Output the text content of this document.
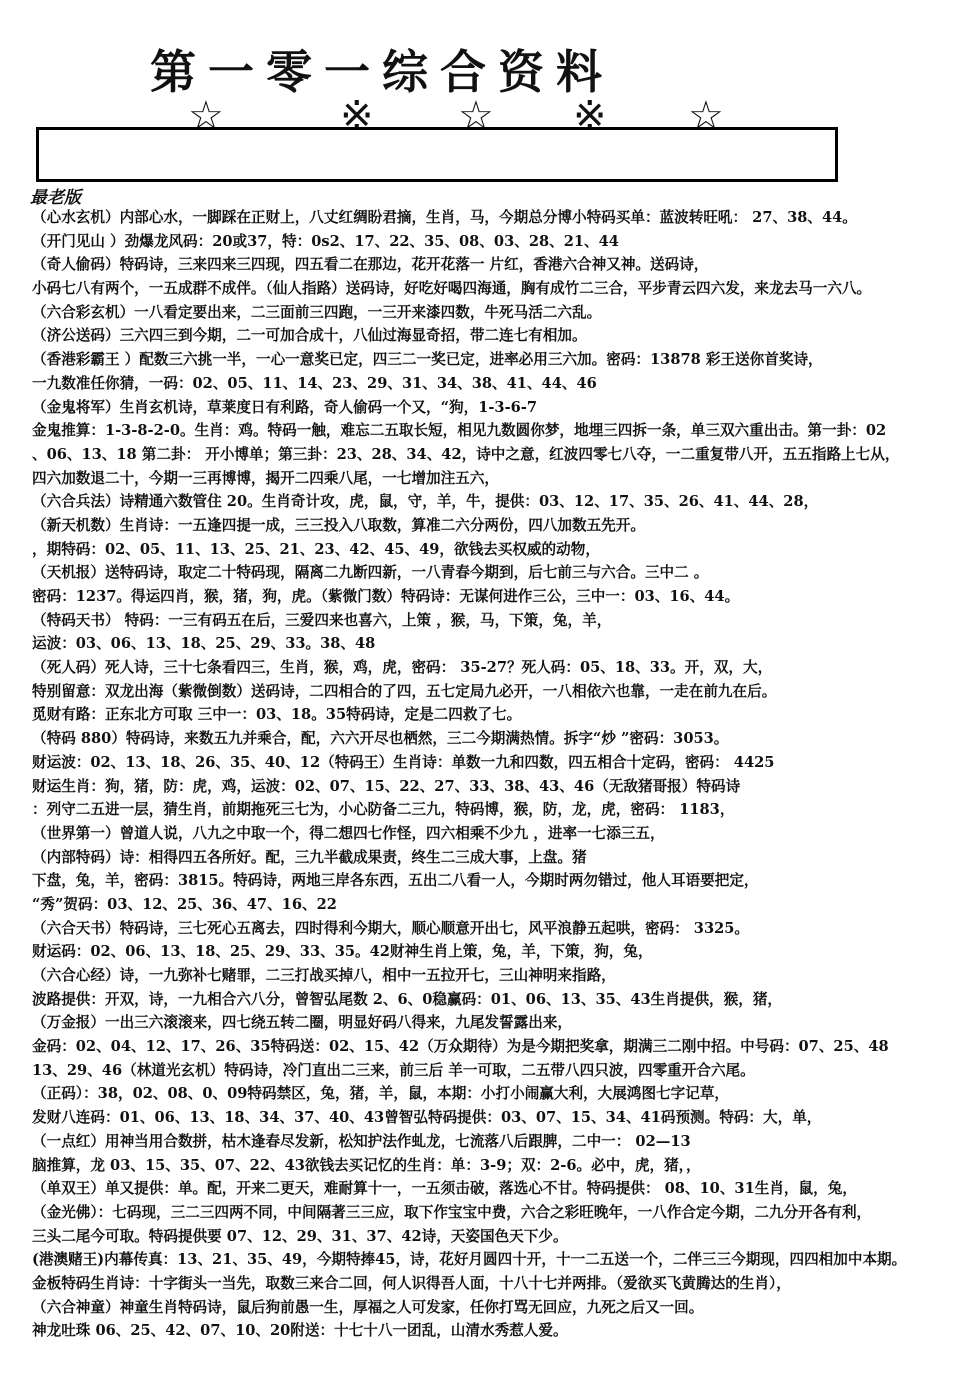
第一零一综合资料
☆	※ ☆ ※ ☆
最老版
（心水玄机）内部心水，一脚踩在正财上，八丈红绸盼君摘，生肖，马，今期总分博小特码买单：蓝波转旺吼： 27、38、44。
（开门见山 ）劲爆龙风码：20或37，特：0s2、17、22、35、08、03、28、21、44
（奇人偷码）特码诗，三来四来三四现，四五看二在那边，花开花落一 片红，香港六合神又神。送码诗，
小码七八有两个，一五成群不成伴。（仙人指路）送码诗，好吃好喝四海通，胸有成竹二三合，平步青云四六发，来龙去马一六八。
（六合彩玄机）一八看定要出来，二三面前三四跑，一三开来漆四数，牛死马活二六乱。
（济公送码）三六四三到今期，二一可加合成十，八仙过海显奇招，带二连七有相加。
（香港彩霸王 ）配数三六挑一半，一心一意奖已定，四三二一奖已定，进率必用三六加。密码：13878 彩王送你首奖诗，
一九数准任你猜，一码：02、05、11、14、23、29、31、34、38、41、44、46
（金鬼将军）生肖玄机诗，草莱度日有利路，奇人偷码一个又，“狗，1-3-6-7
金鬼推算：1-3-8-2-0。生肖：鸡。特码一触，难忘二五取长短，相见九数圆你梦，地埋三四拆一条，单三双六重出击。第一卦：02
、06、13、18 第二卦： 开小博单；第三卦：23、28、34、42，诗中之意，红波四零七八夺，一二重复带八开，五五指路上七从，
四六加数退二十，今期一三再博博，揭开二四乘八尾，一七增加注五六，
（六合兵法）诗精通六数管住 20。生肖奇计攻，虎，鼠，守，羊，牛，提供：03、12、17、35、26、41、44、28，
（新天机数）生肖诗：一五逢四提一成，三三投入八取数，算准二六分两份，四八加数五先开。
，期特码：02、05、11、13、25、21、23、42、45、49，欲钱去买权威的动物，
（天机报）送特码诗，取定二十特码现，隔离二九断四新，一八青春今期到，后七前三与六合。三中二 。
密码：1237。得运四肖，猴，猪，狗，虎。（紫微门数）特码诗：无谋何进作三公，三中一：03、16、44。
（特码天书） 特码：一三有码五在后，三爱四来也喜六，上策 ，猴，马，下策，兔，羊，
运波：03、06、13、18、25、29、33。38、48
（死人码）死人诗，三十七条看四三，生肖，猴，鸡，虎，密码： 35-27？死人码：05、18、33。开，双，大，
特别留意：双龙出海（紫微倒数）送码诗，二四相合的了四，五七定局九必开，一八相依六也靠，一走在前九在后。
觅财有路：正东北方可取 三中一：03、18。35特码诗，定是二四救了七。
（特码 880）特码诗，来数五九并乘合，配，六六开尽也栖然，三二今期满热情。拆字“炒 ”密码：3053。
财运波：02、13、18、26、35、40、12（特码王）生肖诗：单数一九和四数，四五相合十定码，密码： 4425
财运生肖：狗，猪，防：虎，鸡，运波：02、07、15、22、27、33、38、43、46（无敌猪哥报）特码诗
：列守二五进一层，猜生肖，前期拖死三七为，小心防备二三九，特码博，猴，防，龙，虎，密码： 1183，
（世界第一）曾道人说，八九之中取一个，得二想四七作怪，四六相乘不少九 ，进率一七添三五，
（内部特码）诗：相得四五各所好。配，三九半截成果责，终生二三成大事，上盘。猪
下盘，兔，羊，密码：3815。特码诗，两地三岸各东西，五出二八看一人，今期时两勿错过，他人耳语要把定，
“秀”贺码：03、12、25、36、47、16、22
（六合天书）特码诗，三七死心五离去，四时得利今期大，顺心顺意开出七，风平浪静五起哄，密码： 3325。
财运码：02、06、13、18、25、29、33、35。42财神生肖上策，兔，羊，下策，狗，兔，
（六合心经）诗，一九弥补七赌罪，二三打战买掉八，相中一五拉开七，三山神明来指路，
波路提供：开双，诗，一九相合六八分，曾智弘尾数 2、6、0稳赢码：01、06、13、35、43生肖提供，猴，猪，
（万金报）一出三六滚滚来，四七绕五转二圈，明显好码八得来，九尾发誓露出来，
金码：02、04、12、17、26、35特码送：02、15、42（万众期待）为是今期把奖拿，期满三二刚中招。中号码：07、25、48
13、29、46（林道光玄机）特码诗，冷门直出二三来，前三后 羊一可取，二五带八四只波，四零重开合六尾。
（正码）：38，02、08、0、09特码禁区，兔，猪，羊，鼠，本期：小打小闹赢大利，大展鸿图七字记草，
发财八连码：01、06、13、18、34、37、40、43曾智弘特码提供：03、07、15、34、41码预测。特码：大，单，
（一点红）用神当用合数拼，枯木逢春尽发新，松知护法作虬龙，七流落八后跟脾，二中一： 02—13
脑推算，龙 03、15、35、07、22、43欲钱去买记忆的生肖：单：3-9；双：2-6。必中，虎，猪，，
（单双王）单又提供：单。配，开来二更天，难耐算十一，一五须击破，落选心不甘。特码提供： 08、10、31生肖，鼠，兔，
（金光佛）：七码现，三二三四两不同，中间隔著三三应，取下作宝宝中费，六合之彩旺晚年，一八作合定今期，二九分开各有利，
三头二尾今可取。特码提供要 07、12、29、31、37、42诗，天姿国色天下少。
(港澳赌王)内幕传真：13、21、35、49，今期特捧45，诗，花好月圆四十开，十一二五送一个，二伴三三今期现，四四相加中本期。
金板特码生肖诗：十字街头一当先，取数三来合二回，何人识得吾人面，十八十七并两排。（爱欲买飞黄腾达的生肖），
（六合神童）神童生肖特码诗，鼠后狗前愚一生，厚福之人可发家，任你打骂无回应，九死之后又一回。
神龙吐珠 06、25、42、07、10、20附送：十七十八一团乱，山清水秀惹人爱。
